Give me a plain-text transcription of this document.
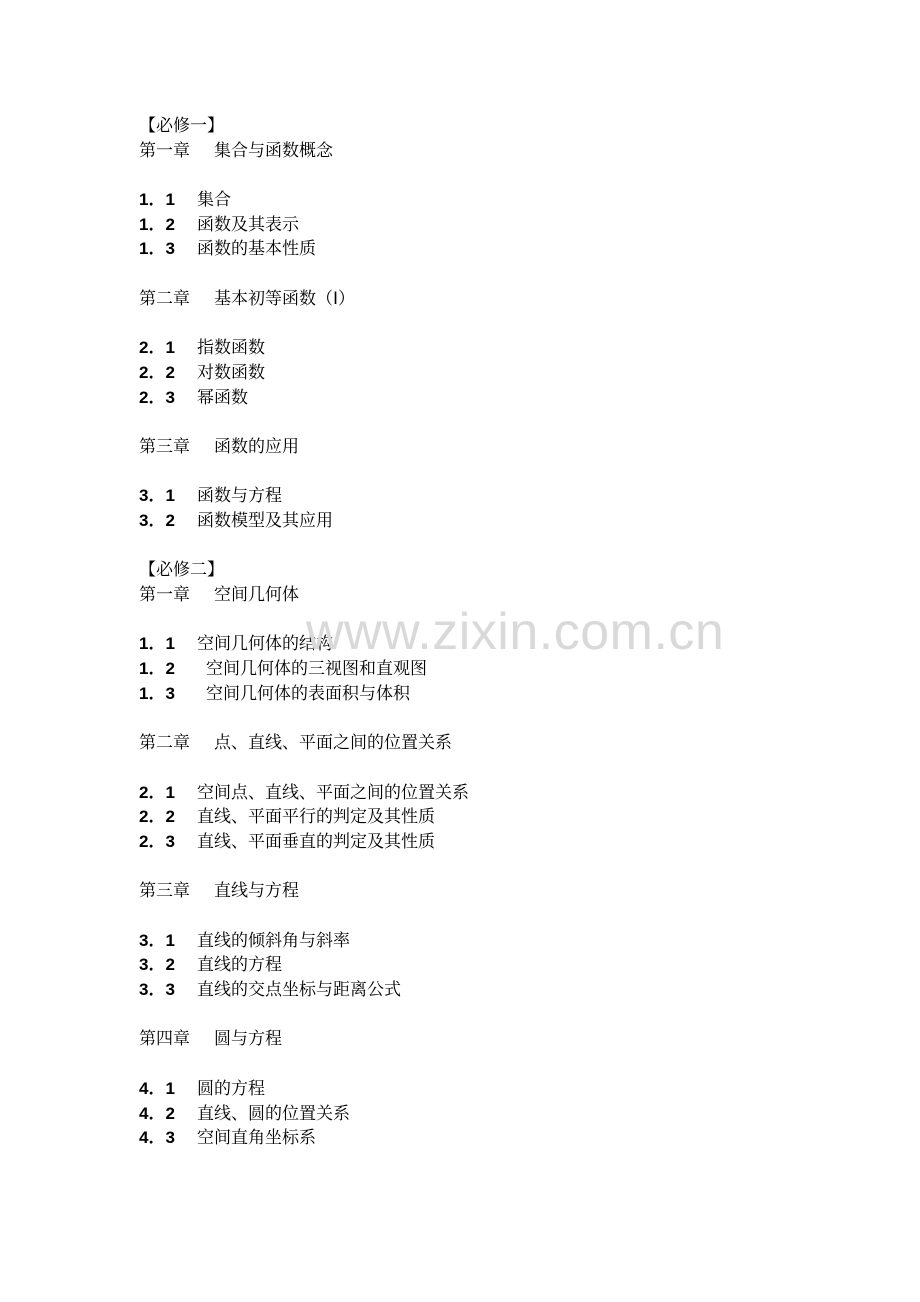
【必修一】
第一章 集合与函数概念
1．1 集合
1．2 函数及其表示
1．3 函数的基本性质
第二章 基本初等函数（Ⅰ）
2．1 指数函数
2．2 对数函数
2．3 幂函数
第三章 函数的应用
3．1 函数与方程
3．2 函数模型及其应用
【必修二】
第一章 空间几何体
1．1 空间几何体的结构
1．2 空间几何体的三视图和直观图
1．3 空间几何体的表面积与体积
第二章 点、直线、平面之间的位置关系
2．1 空间点、直线、平面之间的位置关系
2．2 直线、平面平行的判定及其性质
2．3 直线、平面垂直的判定及其性质
第三章 直线与方程
3．1 直线的倾斜角与斜率
3．2 直线的方程
3．3 直线的交点坐标与距离公式
第四章 圆与方程
4．1 圆的方程
4．2 直线、圆的位置关系
4．3 空间直角坐标系
www.zixin.com.cn
